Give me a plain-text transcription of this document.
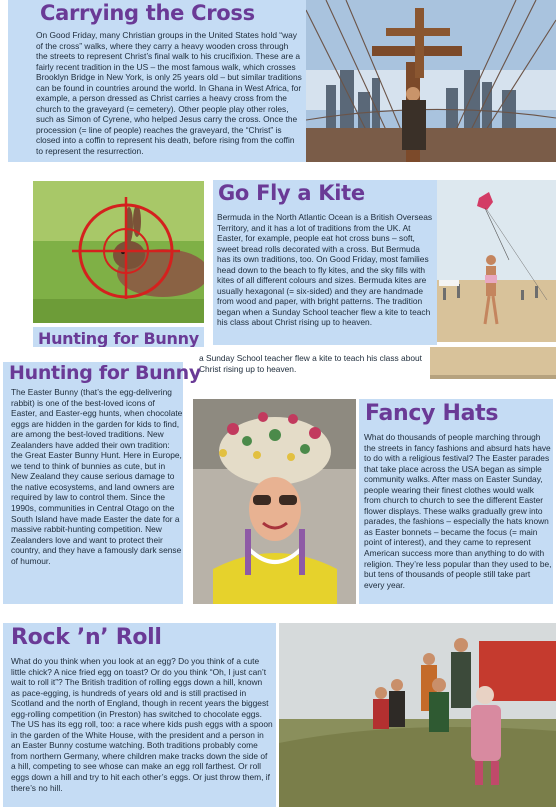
Carrying the Cross

On Good Friday, many Christian groups in the United States hold “way of the cross” walks, where they carry a heavy wooden cross through the streets to represent Christ’s final walk to his crucifixion. These are a fairly recent tradition in the US – the most famous walk, which crosses Brooklyn Bridge in New York, is only 25 years old – but similar traditions can be found in countries around the world. In Ghana in West Africa, for example, a person dressed as Christ carries a heavy cross from the church to the graveyard (= cemetery). Other people play other roles, such as Simon of Cyrene, who helped Jesus carry the cross. Once the procession (= line of people) reaches the graveyard, the “Christ” is closed into a coffin to represent his death, before rising from the coffin to represent the resurrection.

Hunting for Bunny
Go Fly a Kite

Bermuda in the North Atlantic Ocean is a British Overseas Territory, and it has a lot of traditions from the UK. At Easter, for example, people eat hot cross buns – soft, sweet bread rolls decorated with a cross. But Bermuda has its own traditions, too. On Good Friday, most families head down to the beach to fly kites, and the sky fills with kites of all different colours and sizes. Bermuda kites are usually hexagonal (= six-sided) and they are handmade from wood and paper, with bright patterns. The tradition began when a Sunday School teacher flew a kite to teach his class about Christ rising up to heaven.

a Sunday School teacher flew a kite to teach his class about Christ rising up to heaven.

Hunting for Bunny

The Easter Bunny (that’s the egg-delivering rabbit) is one of the best-loved icons of Easter, and Easter-egg hunts, when chocolate eggs are hidden in the garden for kids to find, are among the best-loved traditions. New Zealanders have added their own tradition: the Great Easter Bunny Hunt. Here in Europe, we tend to think of bunnies as cute, but in New Zealand they cause serious damage to the native ecosystems, and land owners are required by law to control them. Since the 1990s, communities in Central Otago on the South Island have made Easter the date for a massive rabbit-hunting competition. New Zealanders love and want to protect their country, and they have a famously dark sense of humour.

Fancy Hats

What do thousands of people marching through the streets in fancy fashions and absurd hats have to do with a religious festival? The Easter parades that take place across the USA began as simple community walks. After mass on Easter Sunday, people wearing their finest clothes would walk from church to church to see the different Easter flower displays. These walks gradually grew into parades, the fashions – especially the hats known as Easter bonnets – became the focus (= main point of interest), and they came to represent American success more than anything to do with religion. They’re less popular than they used to be, but tens of thousands of people still take part every year.

Rock ’n’ Roll

What do you think when you look at an egg? Do you think of a cute little chick? A nice fried egg on toast? Or do you think “Oh, I just can’t wait to roll it”? The British tradition of rolling eggs down a hill, known as pace-egging, is hundreds of years old and is still practised in Scotland and the north of England, though in recent years the biggest egg-rolling competition (in Preston) has switched to chocolate eggs. The US has its egg roll, too: a race where kids push eggs with a spoon in the garden of the White House, with the president and a person in an Easter Bunny costume watching. Both traditions probably come from northern Germany, where children make tracks down the side of a hill, competing to see whose can make an egg roll farthest. Or roll eggs down a hill and try to hit each other’s eggs. Or just throw them, if there’s no hill.
